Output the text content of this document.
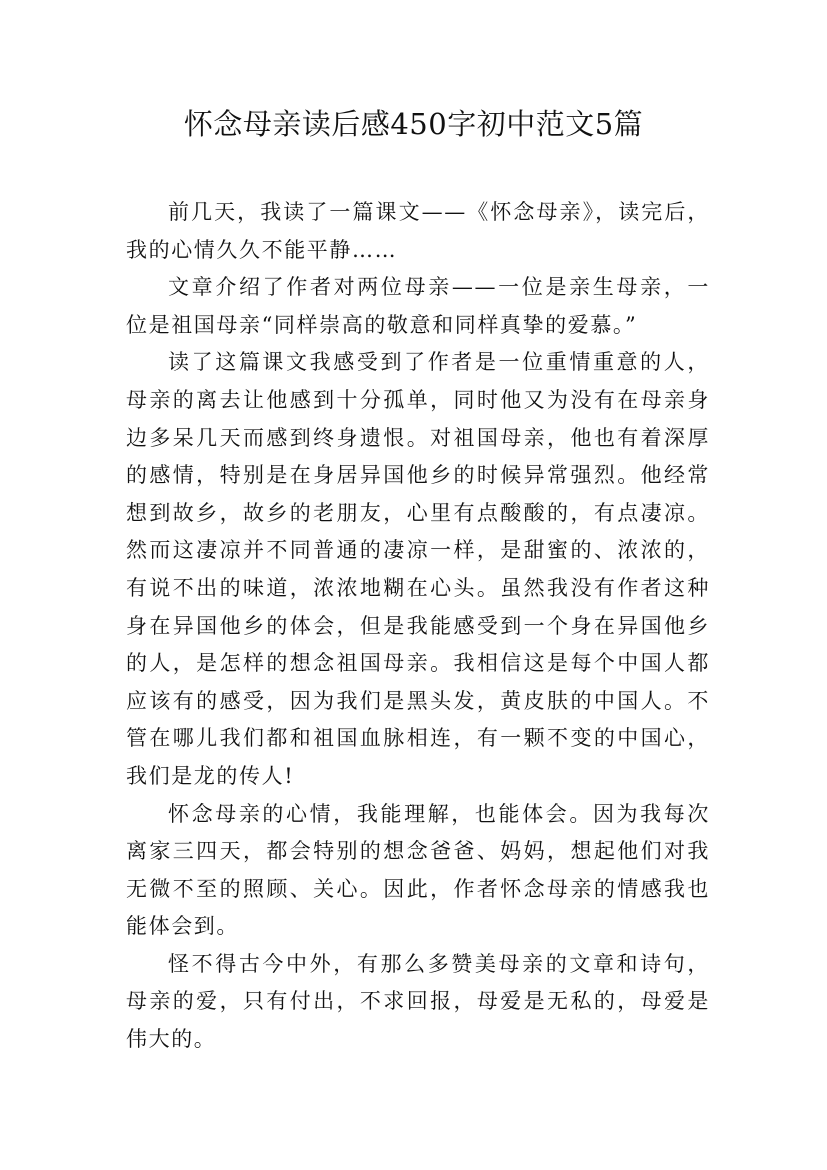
怀念母亲读后感450字初中范文5篇

前几天，我读了一篇课文——《怀念母亲》，读完后，我的心情久久不能平静……

文章介绍了作者对两位母亲——一位是亲生母亲，一位是祖国母亲“同样崇高的敬意和同样真挚的爱慕。”

读了这篇课文我感受到了作者是一位重情重意的人，母亲的离去让他感到十分孤单，同时他又为没有在母亲身边多呆几天而感到终身遗恨。对祖国母亲，他也有着深厚的感情，特别是在身居异国他乡的时候异常强烈。他经常想到故乡，故乡的老朋友，心里有点酸酸的，有点凄凉。然而这凄凉并不同普通的凄凉一样，是甜蜜的、浓浓的，有说不出的味道，浓浓地糊在心头。虽然我没有作者这种身在异国他乡的体会，但是我能感受到一个身在异国他乡的人，是怎样的想念祖国母亲。我相信这是每个中国人都应该有的感受，因为我们是黑头发，黄皮肤的中国人。不管在哪儿我们都和祖国血脉相连，有一颗不变的中国心，我们是龙的传人!

怀念母亲的心情，我能理解，也能体会。因为我每次离家三四天，都会特别的想念爸爸、妈妈，想起他们对我无微不至的照顾、关心。因此，作者怀念母亲的情感我也能体会到。

怪不得古今中外，有那么多赞美母亲的文章和诗句，母亲的爱，只有付出，不求回报，母爱是无私的，母爱是伟大的。
